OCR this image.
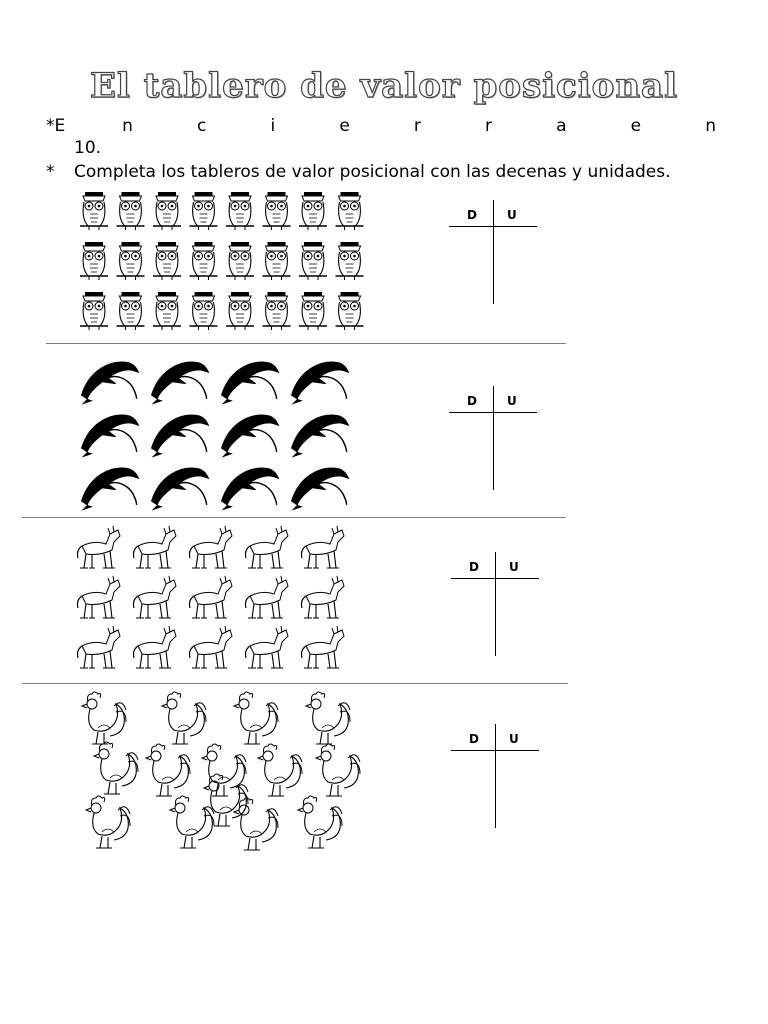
El tablero de valor posicional
*E	n	c	i	e	r	r	a	e	n
10.
* Completa los tableros de valor posicional con las decenas y unidades.
D	U
D	U
D	U
D	U
